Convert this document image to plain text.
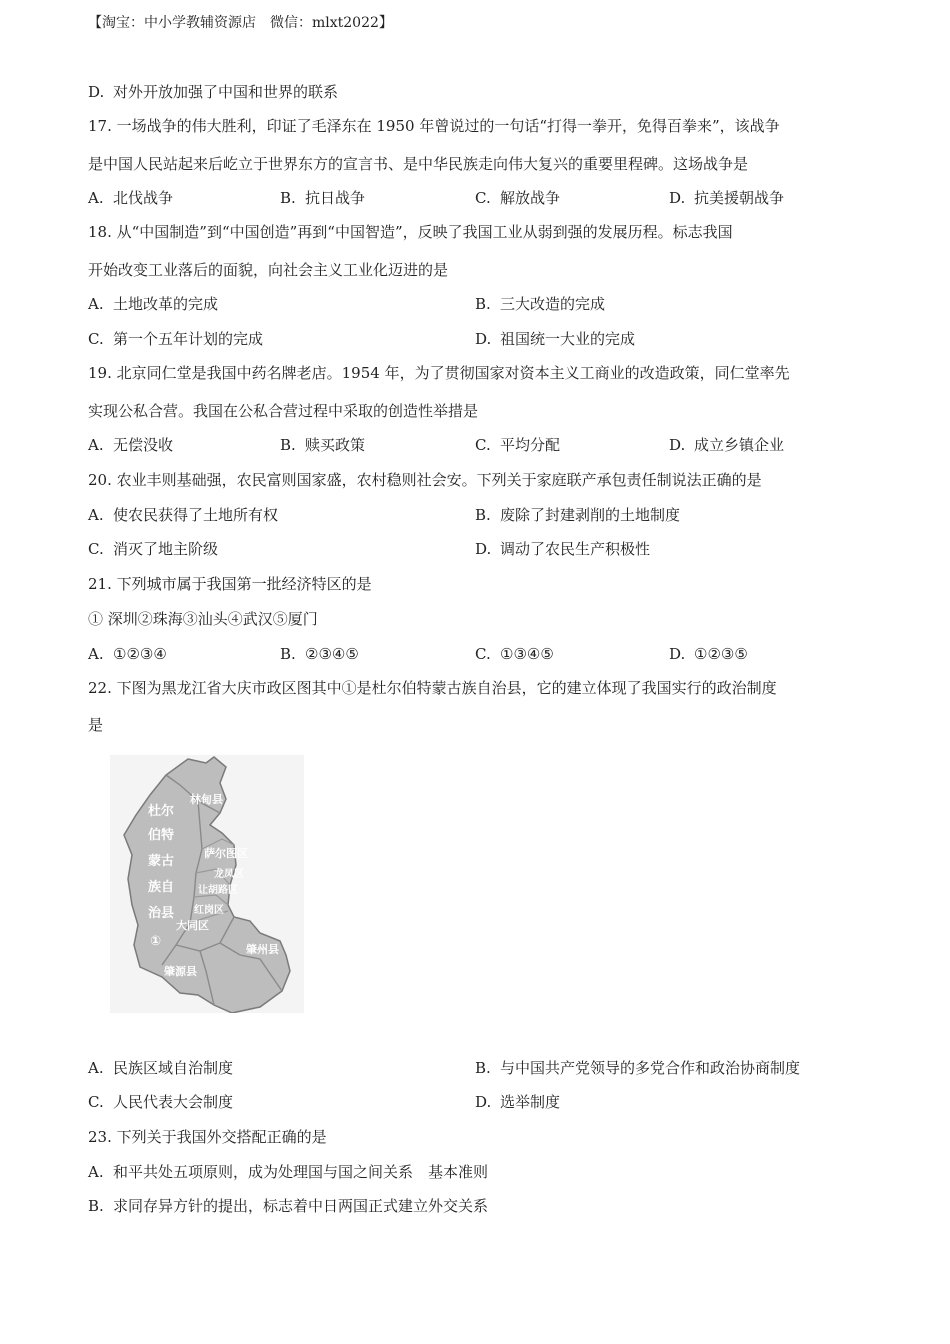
【淘宝：中小学教辅资源店　微信：mlxt2022】
D. 对外开放加强了中国和世界的联系
17. 一场战争的伟大胜利，印证了毛泽东在 1950 年曾说过的一句话“打得一拳开，免得百拳来”，该战争
是中国人民站起来后屹立于世界东方的宣言书、是中华民族走向伟大复兴的重要里程碑。这场战争是
A. 北伐战争	B. 抗日战争	C. 解放战争	D. 抗美援朝战争
18. 从“中国制造”到“中国创造”再到“中国智造”，反映了我国工业从弱到强的发展历程。标志我国
开始改变工业落后的面貌，向社会主义工业化迈进的是
A. 土地改革的完成	B. 三大改造的完成
C. 第一个五年计划的完成	D. 祖国统一大业的完成
19. 北京同仁堂是我国中药名牌老店。1954 年，为了贯彻国家对资本主义工商业的改造政策，同仁堂率先
实现公私合营。我国在公私合营过程中采取的创造性举措是
A. 无偿没收	B. 赎买政策	C. 平均分配	D. 成立乡镇企业
20. 农业丰则基础强，农民富则国家盛，农村稳则社会安。下列关于家庭联产承包责任制说法正确的是
A. 使农民获得了土地所有权	B. 废除了封建剥削的土地制度
C. 消灭了地主阶级	D. 调动了农民生产积极性
21. 下列城市属于我国第一批经济特区的是
① 深圳②珠海③汕头④武汉⑤厦门
A. ①②③④	B. ②③④⑤	C. ①③④⑤	D. ①②③⑤
22. 下图为黑龙江省大庆市政区图其中①是杜尔伯特蒙古族自治县，它的建立体现了我国实行的政治制度
是
林甸县
杜尔
伯特
蒙古
族自
治县
①
萨尔图区
龙凤区
让胡路区
红岗区
大同区
肇州县
肇源县
A. 民族区域自治制度	B. 与中国共产党领导的多党合作和政治协商制度
C. 人民代表大会制度	D. 选举制度
23. 下列关于我国外交搭配正确的是
A. 和平共处五项原则，成为处理国与国之间关系　基本准则
B. 求同存异方针的提出，标志着中日两国正式建立外交关系
